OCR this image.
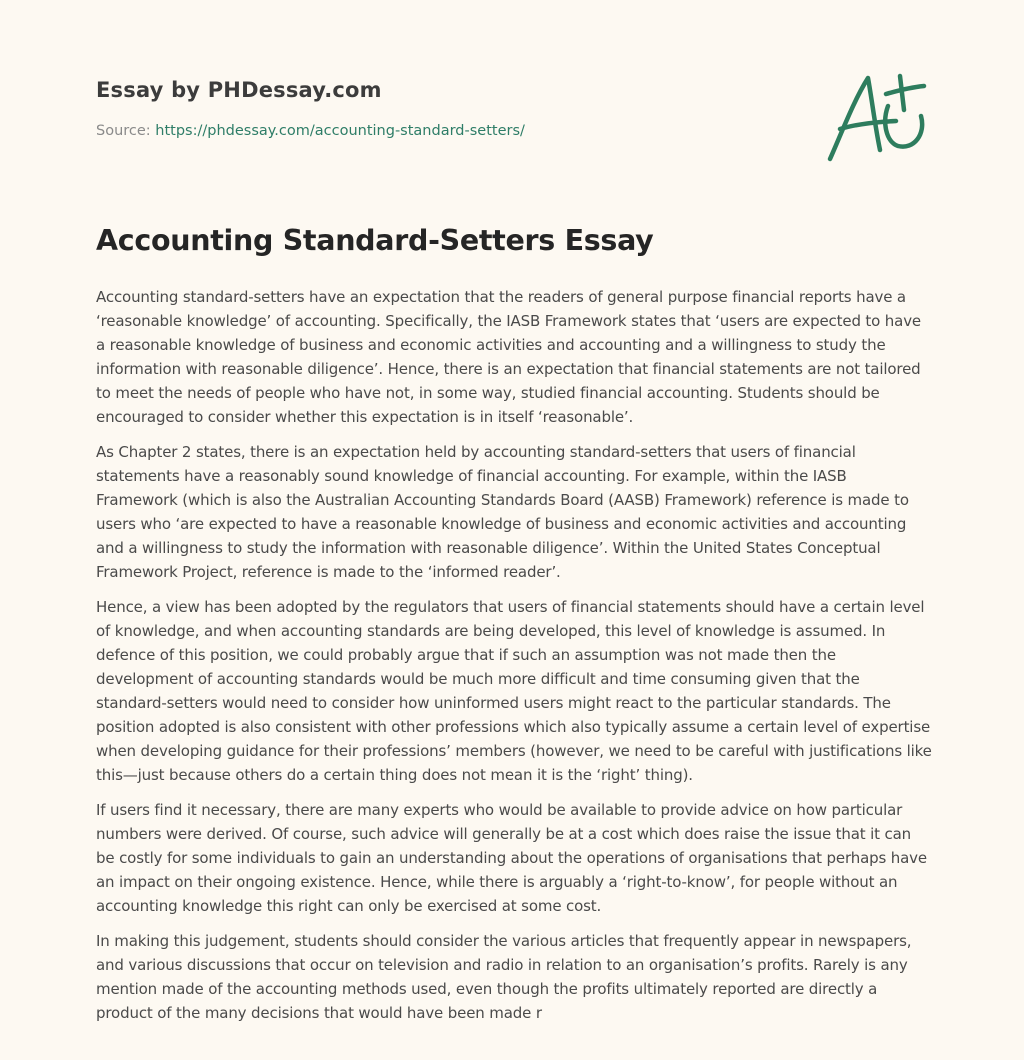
Essay by PHDessay.com
Source: https://phdessay.com/accounting-standard-setters/
Accounting Standard-Setters Essay

Accounting standard-setters have an expectation that the readers of general purpose financial reports have a ‘reasonable knowledge’ of accounting. Specifically, the IASB Framework states that ‘users are expected to have a reasonable knowledge of business and economic activities and accounting and a willingness to study the information with reasonable diligence’. Hence, there is an expectation that financial statements are not tailored to meet the needs of people who have not, in some way, studied financial accounting. Students should be encouraged to consider whether this expectation is in itself ‘reasonable’.

As Chapter 2 states, there is an expectation held by accounting standard-setters that users of financial statements have a reasonably sound knowledge of financial accounting. For example, within the IASB Framework (which is also the Australian Accounting Standards Board (AASB) Framework) reference is made to users who ‘are expected to have a reasonable knowledge of business and economic activities and accounting and a willingness to study the information with reasonable diligence’. Within the United States Conceptual Framework Project, reference is made to the ‘informed reader’.

Hence, a view has been adopted by the regulators that users of financial statements should have a certain level of knowledge, and when accounting standards are being developed, this level of knowledge is assumed. In defence of this position, we could probably argue that if such an assumption was not made then the development of accounting standards would be much more difficult and time consuming given that the standard-setters would need to consider how uninformed users might react to the particular standards. The position adopted is also consistent with other professions which also typically assume a certain level of expertise when developing guidance for their professions’ members (however, we need to be careful with justifications like this—just because others do a certain thing does not mean it is the ‘right’ thing).

If users find it necessary, there are many experts who would be available to provide advice on how particular numbers were derived. Of course, such advice will generally be at a cost which does raise the issue that it can be costly for some individuals to gain an understanding about the operations of organisations that perhaps have an impact on their ongoing existence. Hence, while there is arguably a ‘right-to-know’, for people without an accounting knowledge this right can only be exercised at some cost.

In making this judgement, students should consider the various articles that frequently appear in newspapers, and various discussions that occur on television and radio in relation to an organisation’s profits. Rarely is any mention made of the accounting methods used, even though the profits ultimately reported are directly a product of the many decisions that would have been made r
